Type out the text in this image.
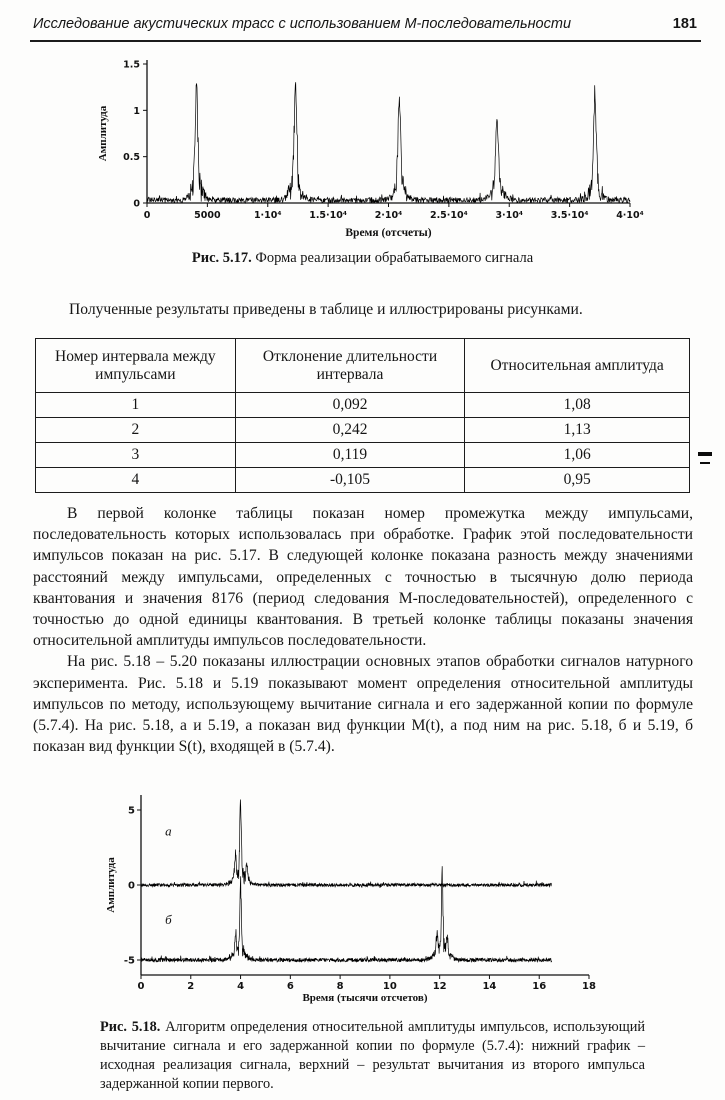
Исследование акустических трасс с использованием М-последовательности	181
0
0.5
1
1.5
0	5000	1·10⁴	1.5·10⁴	2·10⁴	2.5·10⁴	3·10⁴	3.5·10⁴	4·10⁴
Амплитуда
Время (отсчеты)

Рис. 5.17. Форма реализации обрабатываемого сигнала

Полученные результаты приведены в таблице и иллюстрированы рисунками.

Номер интервала между импульсами	Отклонение длительности интервала	Относительная амплитуда
1	0,092	1,08
2	0,242	1,13
3	0,119	1,06
4	-0,105	0,95

В первой колонке таблицы показан номер промежутка между импульсами, последовательность которых использовалась при обработке. График этой последовательности импульсов показан на рис. 5.17. В следующей колонке показана разность между значениями расстояний между импульсами, определенных с точностью в тысячную долю периода квантования и значения 8176 (период следования М-последовательностей), определенного с точностью до одной единицы квантования. В третьей колонке таблицы показаны значения относительной амплитуды импульсов последовательности.

На рис. 5.18 – 5.20 показаны иллюстрации основных этапов обработки сигналов натурного эксперимента. Рис. 5.18 и 5.19 показывают момент определения относительной амплитуды импульсов по методу, использующему вычитание сигнала и его задержанной копии по формуле (5.7.4). На рис. 5.18, а и 5.19, а показан вид функции M(t), а под ним на рис. 5.18, б и 5.19, б показан вид функции S(t), входящей в (5.7.4).

5
0
-5
0	2	4	6	8	10	12	14	16	18
Амплитуда
Время (тысячи отсчетов)
а
б

Рис. 5.18. Алгоритм определения относительной амплитуды импульсов, использующий вычитание сигнала и его задержанной копии по формуле (5.7.4): нижний график – исходная реализация сигнала, верхний – результат вычитания из второго импульса задержанной копии первого.
